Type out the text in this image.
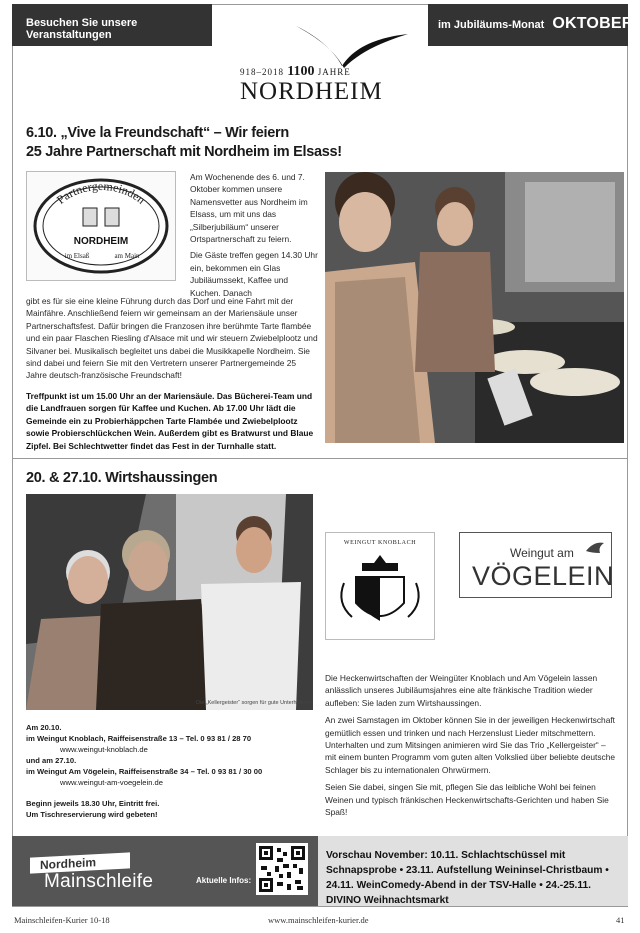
Besuchen Sie unsere Veranstaltungen
im Jubiläums-Monat OKTOBER
918–2018 1100 JAHRE
NORDHEIM
6.10. „Vive la Freundschaft“ – Wir feiern
25 Jahre Partnerschaft mit Nordheim im Elsass!
Partnergemeinden
NORDHEIM
im Elsaß	am Main

Am Wochenende des 6. und 7. Oktober kommen unsere Namensvetter aus Nordheim im Elsass, um mit uns das „Silberjubiläum“ unserer Ortspartnerschaft zu feiern.

Die Gäste treffen gegen 14.30 Uhr ein, bekommen ein Glas Jubiläumssekt, Kaffee und Kuchen. Danach

gibt es für sie eine kleine Führung durch das Dorf und eine Fahrt mit der Mainfähre. Anschließend feiern wir gemeinsam an der Mariensäule unser Partnerschaftsfest. Dafür bringen die Franzosen ihre berühmte Tarte flambée und ein paar Flaschen Riesling d'Alsace mit und wir steuern Zwiebelplootz und Silvaner bei. Musikalisch begleitet uns dabei die Musikkapelle Nordheim. Sie sind dabei und feiern Sie mit den Vertretern unserer Partnergemeinde 25 Jahre deutsch-französische Freundschaft!
Treffpunkt ist um 15.00 Uhr an der Mariensäule. Das Bücherei-Team und die Landfrauen sorgen für Kaffee und Kuchen. Ab 17.00 Uhr lädt die Gemeinde ein zu Probierhäppchen Tarte Flambée und Zwiebelplootz sowie Probierschlückchen Wein. Außerdem gibt es Bratwurst und Blaue Zipfel. Bei Schlechtwetter findet das Fest in der Turnhalle statt.
20. & 27.10. Wirtshaussingen
Die „Kellergeister“ sorgen für gute Unterhaltung.
WEINGUT KNOBLACH
Weingut am
VÖGELEIN

Die Heckenwirtschaften der Weingüter Knoblach und Am Vögelein lassen anlässlich unseres Jubiläumsjahres eine alte fränkische Tradition wieder aufleben: Sie laden zum Wirtshaussingen.

An zwei Samstagen im Oktober können Sie in der jeweiligen Heckenwirtschaft gemütlich essen und trinken und nach Herzenslust Lieder mitschmettern. Unterhalten und zum Mitsingen animieren wird Sie das Trio „Kellergeister“ – mit einem bunten Programm vom guten alten Volkslied über beliebte deutsche Schlager bis zu internationalen Ohrwürmern.

Seien Sie dabei, singen Sie mit, pflegen Sie das leibliche Wohl bei feinen Weinen und typisch fränkischen Heckenwirtschafts-Gerichten und haben Sie Spaß!

Am 20.10.
im Weingut Knoblach, Raiffeisenstraße 13 – Tel. 0 93 81 / 28 70
www.weingut-knoblach.de
und am 27.10.
im Weingut Am Vögelein, Raiffeisenstraße 34 – Tel. 0 93 81 / 30 00
www.weingut-am-voegelein.de
Beginn jeweils 18.30 Uhr, Eintritt frei.
Um Tischreservierung wird gebeten!
Nordheim
Mainschleife	Aktuelle Infos:
Vorschau November: 10.11. Schlachtschüssel mit Schnapsprobe • 23.11. Aufstellung Weininsel-Christbaum • 24.11. WeinComedy-Abend in der TSV-Halle • 24.-25.11. DIVINO Weihnachtsmarkt
Mainschleifen-Kurier 10-18	www.mainschleifen-kurier.de	41
